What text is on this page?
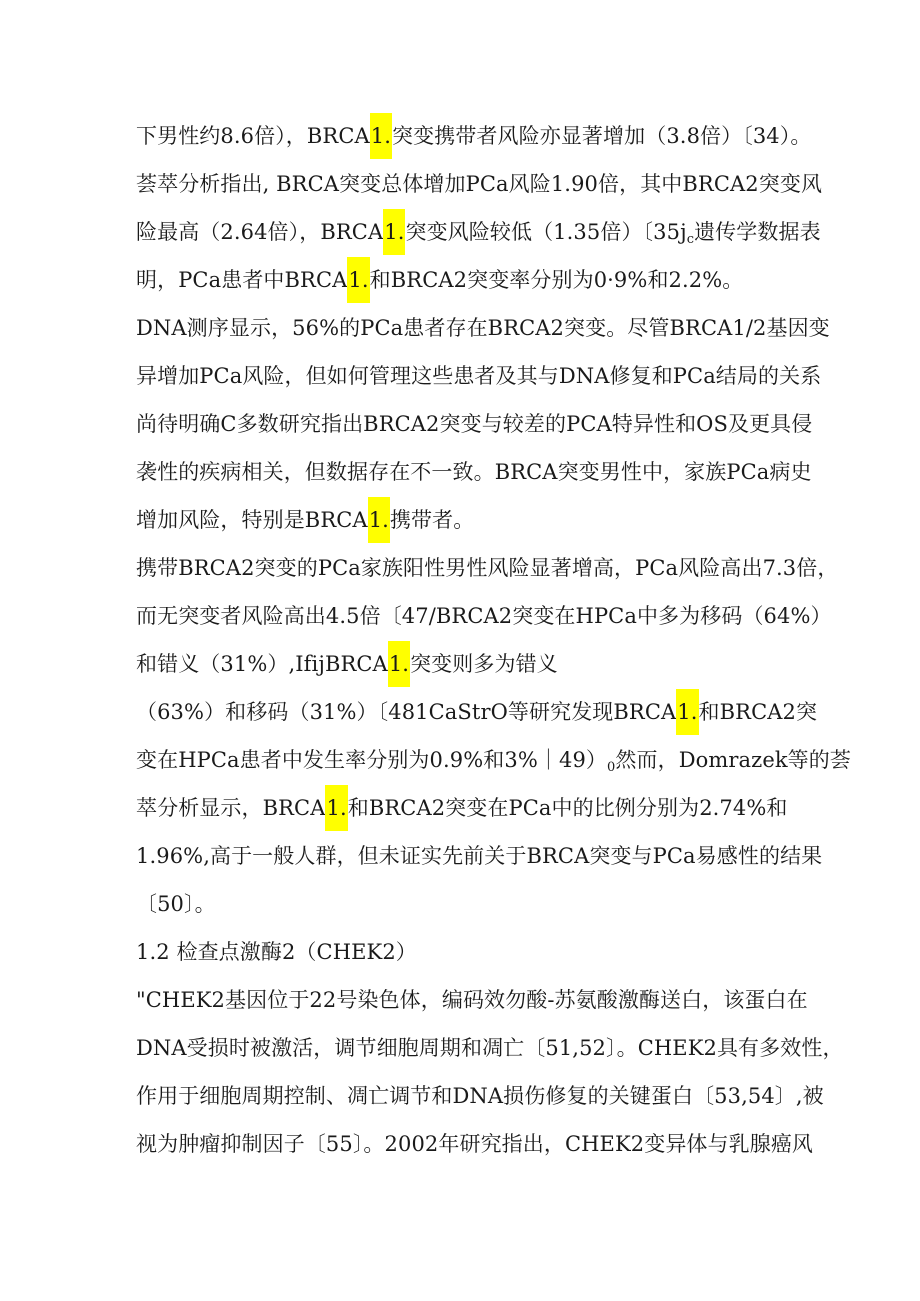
下男性约8.6倍），BRCA1.突变携带者风险亦显著增加（3.8倍）〔34）。
荟萃分析指出, BRCA突变总体增加PCa风险1.90倍，其中BRCA2突变风
险最高（2.64倍），BRCA1.突变风险较低（1.35倍）〔$35j_c$遗传学数据表
明，PCa患者中BRCA1.和BRCA2突变率分别为0·9%和2.2%。
DNA测序显示，56%的PCa患者存在BRCA2突变。尽管BRCA1/2基因变
异增加PCa风险，但如何管理这些患者及其与DNA修复和PCa结局的关系
尚待明确C多数研究指出BRCA2突变与较差的PCA特异性和OS及更具侵
袭性的疾病相关，但数据存在不一致。BRCA突变男性中，家族PCa病史
增加风险，特别是BRCA1.携带者。
携带BRCA2突变的PCa家族阳性男性风险显著增高，PCa风险高出7.3倍，
而无突变者风险高出4.5倍〔47/BRCA2突变在HPCa中多为移码（64%）
和错义（31%）,IfijBRCA1.突变则多为错义
（63%）和移码（31%）〔481CaStrO等研究发现BRCA1.和BRCA2突
变在HPCa患者中发生率分别为0.9%和$3\%|49)_0$然而，Domrazek等的荟
萃分析显示，BRCA1.和BRCA2突变在PCa中的比例分别为2.74%和
1.96%,高于一般人群，但未证实先前关于BRCA突变与PCa易感性的结果
〔50〕。
1.2 检查点激酶2（CHEK2）
"CHEK2基因位于22号染色体，编码效勿酸-苏氨酸激酶送白，该蛋白在
DNA受损时被激活，调节细胞周期和凋亡〔51,52〕。CHEK2具有多效性，
作用于细胞周期控制、凋亡调节和DNA损伤修复的关键蛋白〔53,54〕,被
视为肿瘤抑制因子〔55〕。2002年研究指出，CHEK2变异体与乳腺癌风
